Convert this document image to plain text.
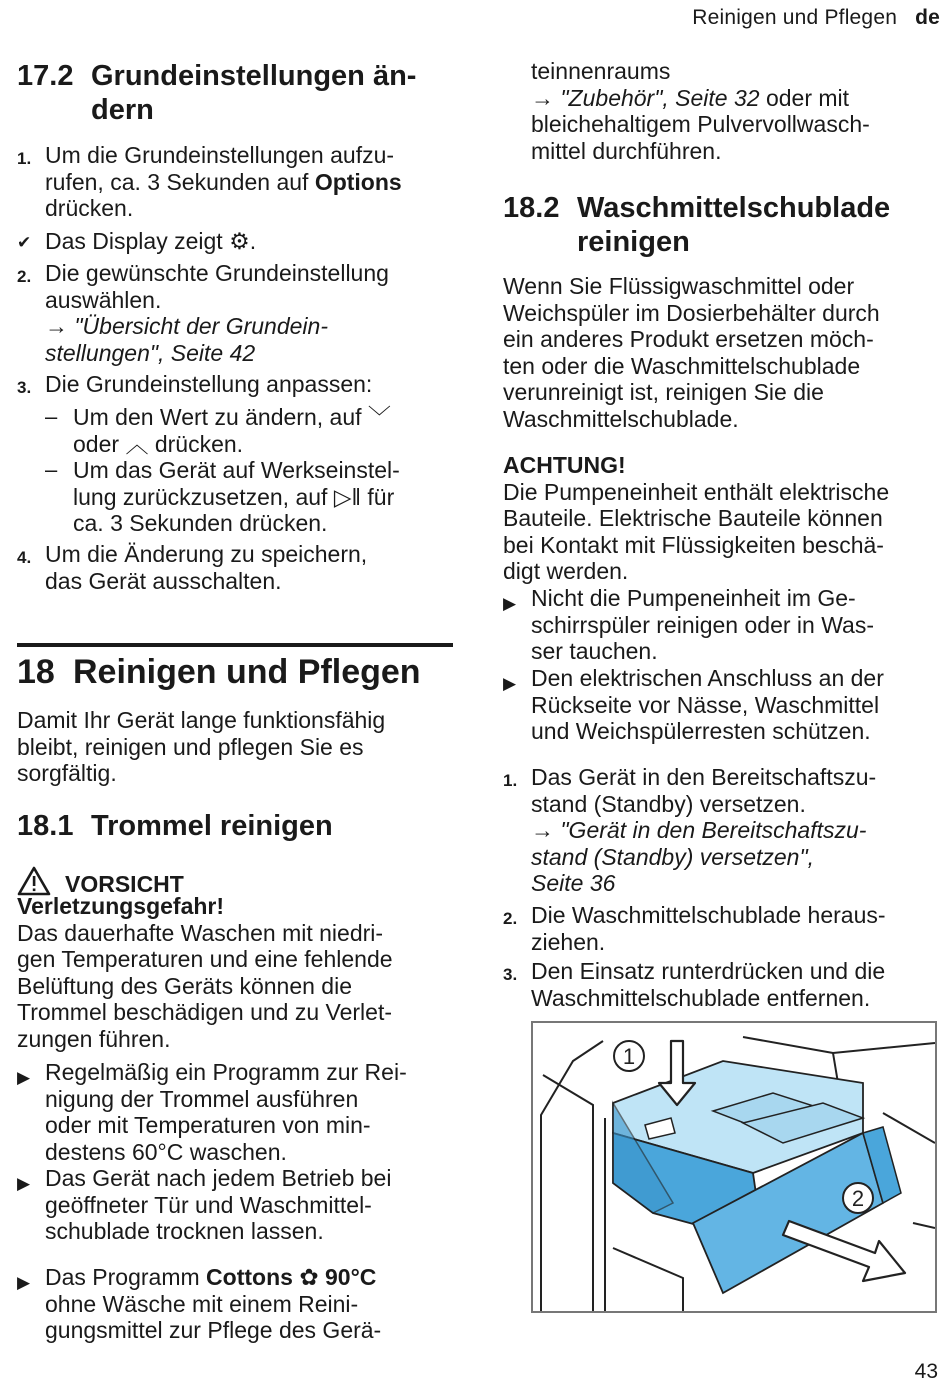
Reinigen und Pflegen de
17.2 Grundeinstellungen än-
dern
1. Um die Grundeinstellungen aufzu-
rufen, ca. 3 Sekunden auf Options
drücken.
✔ Das Display zeigt ⚙.
2. Die gewünschte Grundeinstellung
auswählen.
→ "Übersicht der Grundein-
stellungen", Seite 42
3. Die Grundeinstellung anpassen:
– Um den Wert zu ändern, auf ﹀
oder ︿ drücken.
– Um das Gerät auf Werkseinstel-
lung zurückzusetzen, auf ▷‖ für
ca. 3 Sekunden drücken.
4. Um die Änderung zu speichern,
das Gerät ausschalten.
18 Reinigen und Pflegen
Damit Ihr Gerät lange funktionsfähig
bleibt, reinigen und pflegen Sie es
sorgfältig.
18.1 Trommel reinigen
VORSICHT
Verletzungsgefahr!
Das dauerhafte Waschen mit niedri-
gen Temperaturen und eine fehlende
Belüftung des Geräts können die
Trommel beschädigen und zu Verlet-
zungen führen.
▶ Regelmäßig ein Programm zur Rei-
nigung der Trommel ausführen
oder mit Temperaturen von min-
destens 60°C waschen.
▶ Das Gerät nach jedem Betrieb bei
geöffneter Tür und Waschmittel-
schublade trocknen lassen.
▶ Das Programm Cottons ✿ 90°C
ohne Wäsche mit einem Reini-
gungsmittel zur Pflege des Gerä-
teinnenraums
→ "Zubehör", Seite 32 oder mit
bleichehaltigem Pulvervollwasch-
mittel durchführen.
18.2 Waschmittelschublade
reinigen
Wenn Sie Flüssigwaschmittel oder
Weichspüler im Dosierbehälter durch
ein anderes Produkt ersetzen möch-
ten oder die Waschmittelschublade
verunreinigt ist, reinigen Sie die
Waschmittelschublade.
ACHTUNG!
Die Pumpeneinheit enthält elektrische
Bauteile. Elektrische Bauteile können
bei Kontakt mit Flüssigkeiten beschä-
digt werden.
▶ Nicht die Pumpeneinheit im Ge-
schirrspüler reinigen oder in Was-
ser tauchen.
▶ Den elektrischen Anschluss an der
Rückseite vor Nässe, Waschmittel
und Weichspülerresten schützen.
1. Das Gerät in den Bereitschaftszu-
stand (Standby) versetzen.
→ "Gerät in den Bereitschaftszu-
stand (Standby) versetzen",
Seite 36
2. Die Waschmittelschublade heraus-
ziehen.
3. Den Einsatz runterdrücken und die
Waschmittelschublade entfernen.
1
2
43
